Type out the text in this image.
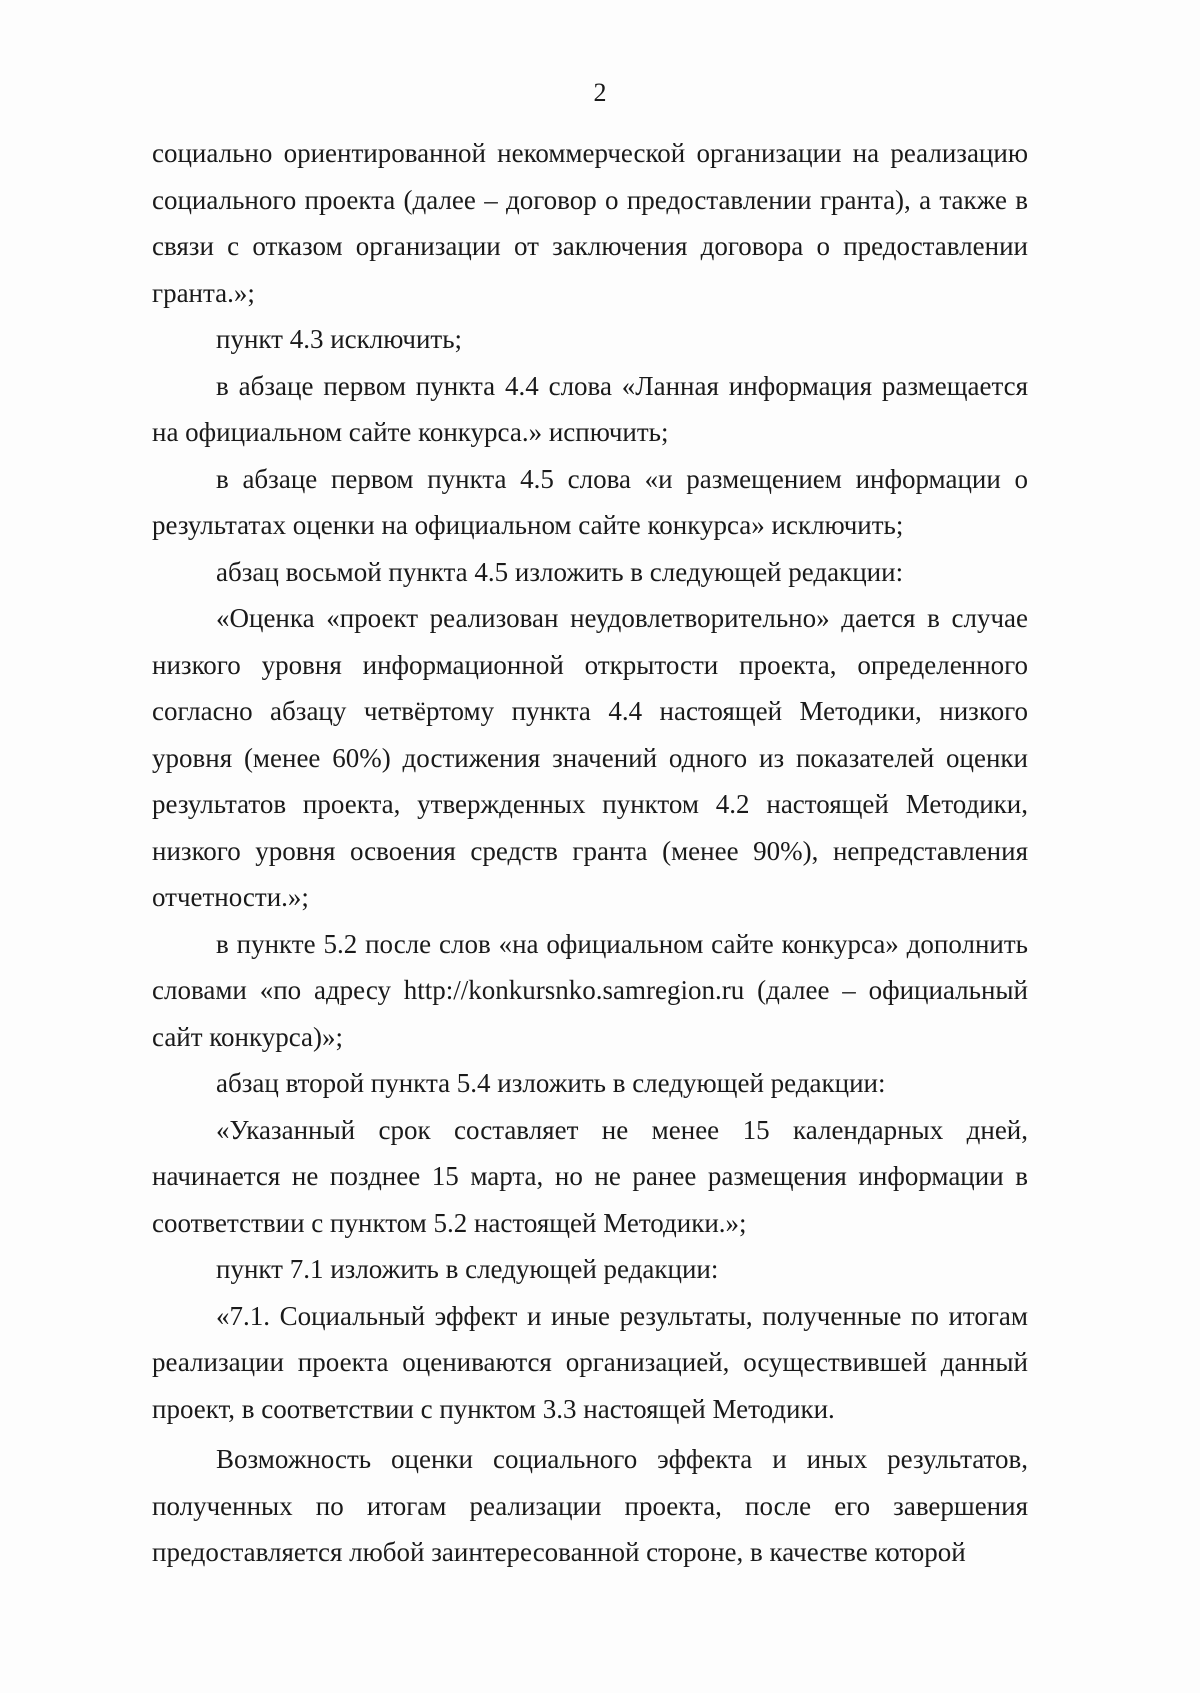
2

социально ориентированной некоммерческой организации на реализацию социального проекта (далее – договор о предоставлении гранта), а также в связи с отказом организации от заключения договора о предоставлении гранта.»;

пункт 4.3 исключить;

в абзаце первом пункта 4.4 слова «Ланная информация размещается на официальном сайте конкурса.» испючить;

в абзаце первом пункта 4.5 слова «и размещением информации о результатах оценки на официальном сайте конкурса» исключить;

абзац восьмой пункта 4.5 изложить в следующей редакции:

«Оценка «проект реализован неудовлетворительно» дается в случае низкого уровня информационной открытости проекта, определенного согласно абзацу четвёртому пункта 4.4 настоящей Методики, низкого уровня (менее 60%) достижения значений одного из показателей оценки результатов проекта, утвержденных пунктом 4.2 настоящей Методики, низкого уровня освоения средств гранта (менее 90%), непредставления отчетности.»;

в пункте 5.2 после слов «на официальном сайте конкурса» дополнить словами «по адресу http://konkursnko.samregion.ru (далее – официальный сайт конкурса)»;

абзац второй пункта 5.4 изложить в следующей редакции:

«Указанный срок составляет не менее 15 календарных дней, начинается не позднее 15 марта, но не ранее размещения информации в соответствии с пунктом 5.2 настоящей Методики.»;

пункт 7.1 изложить в следующей редакции:

«7.1. Социальный эффект и иные результаты, полученные по итогам реализации проекта оцениваются организацией, осуществившей данный проект, в соответствии с пунктом 3.3 настоящей Методики.

Возможность оценки социального эффекта и иных результатов, полученных по итогам реализации проекта, после его завершения предоставляется любой заинтересованной стороне, в качестве которой
